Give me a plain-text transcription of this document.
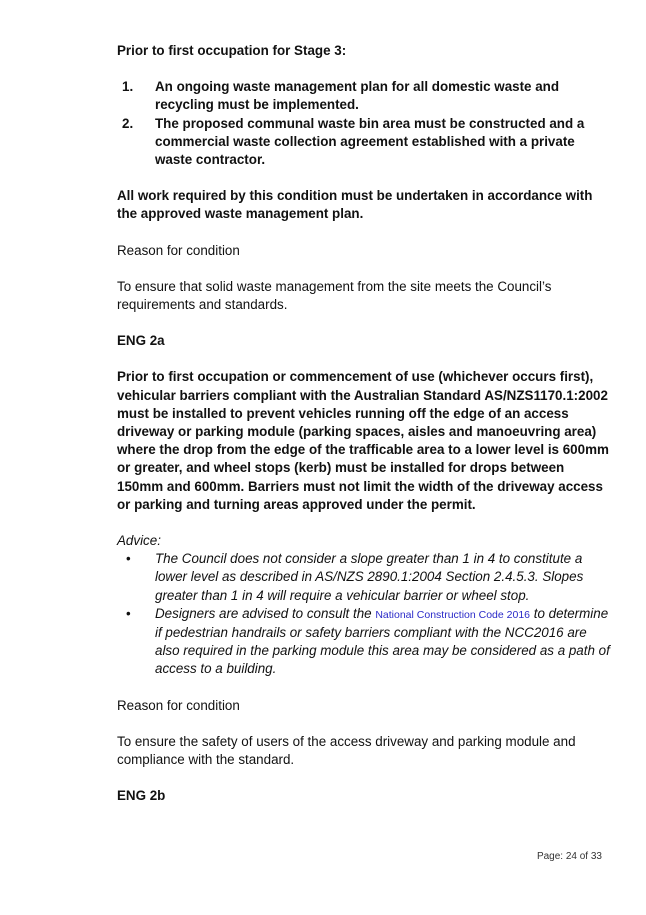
Prior to first occupation for Stage 3:

1. An ongoing waste management plan for all domestic waste and recycling must be implemented.
2. The proposed communal waste bin area must be constructed and a commercial waste collection agreement established with a private waste contractor.

All work required by this condition must be undertaken in accordance with the approved waste management plan.

Reason for condition

To ensure that solid waste management from the site meets the Council’s requirements and standards.

ENG 2a

Prior to first occupation or commencement of use (whichever occurs first), vehicular barriers compliant with the Australian Standard AS/NZS1170.1:2002 must be installed to prevent vehicles running off the edge of an access driveway or parking module (parking spaces, aisles and manoeuvring area) where the drop from the edge of the trafficable area to a lower level is 600mm or greater, and wheel stops (kerb) must be installed for drops between 150mm and 600mm. Barriers must not limit the width of the driveway access or parking and turning areas approved under the permit.

Advice:

• The Council does not consider a slope greater than 1 in 4 to constitute a lower level as described in AS/NZS 2890.1:2004 Section 2.4.5.3. Slopes greater than 1 in 4 will require a vehicular barrier or wheel stop.
• Designers are advised to consult the National Construction Code 2016 to determine if pedestrian handrails or safety barriers compliant with the NCC2016 are also required in the parking module this area may be considered as a path of access to a building.

Reason for condition

To ensure the safety of users of the access driveway and parking module and compliance with the standard.

ENG 2b

Page: 24 of 33
